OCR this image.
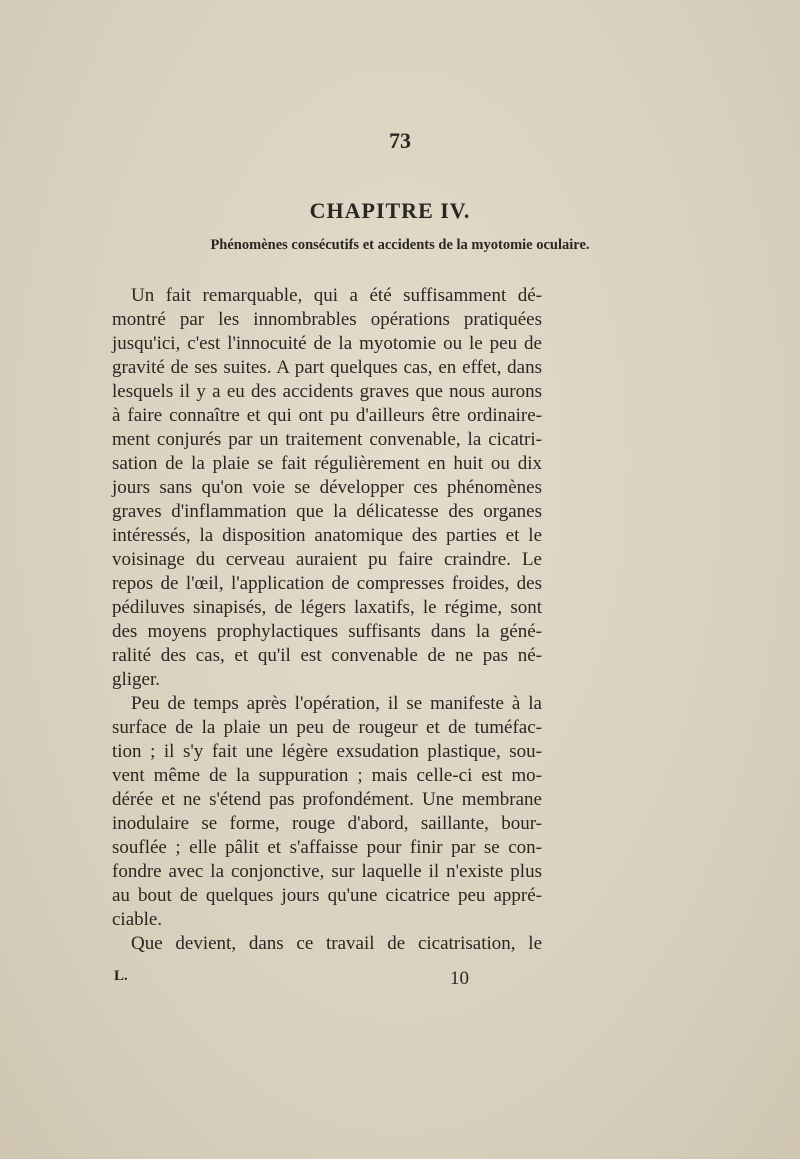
73
CHAPITRE IV.
Phénomènes consécutifs et accidents de la myotomie oculaire.
Un fait remarquable, qui a été suffisamment dé-
montré par les innombrables opérations pratiquées
jusqu'ici, c'est l'innocuité de la myotomie ou le peu de
gravité de ses suites. A part quelques cas, en effet, dans
lesquels il y a eu des accidents graves que nous aurons
à faire connaître et qui ont pu d'ailleurs être ordinaire-
ment conjurés par un traitement convenable, la cicatri-
sation de la plaie se fait régulièrement en huit ou dix
jours sans qu'on voie se développer ces phénomènes
graves d'inflammation que la délicatesse des organes
intéressés, la disposition anatomique des parties et le
voisinage du cerveau auraient pu faire craindre. Le
repos de l'œil, l'application de compresses froides, des
pédiluves sinapisés, de légers laxatifs, le régime, sont
des moyens prophylactiques suffisants dans la géné-
ralité des cas, et qu'il est convenable de ne pas né-
gliger.
Peu de temps après l'opération, il se manifeste à la
surface de la plaie un peu de rougeur et de tuméfac-
tion ; il s'y fait une légère exsudation plastique, sou-
vent même de la suppuration ; mais celle-ci est mo-
dérée et ne s'étend pas profondément. Une membrane
inodulaire se forme, rouge d'abord, saillante, bour-
souflée ; elle pâlit et s'affaisse pour finir par se con-
fondre avec la conjonctive, sur laquelle il n'existe plus
au bout de quelques jours qu'une cicatrice peu appré-
ciable.
Que devient, dans ce travail de cicatrisation, le
L.	10
